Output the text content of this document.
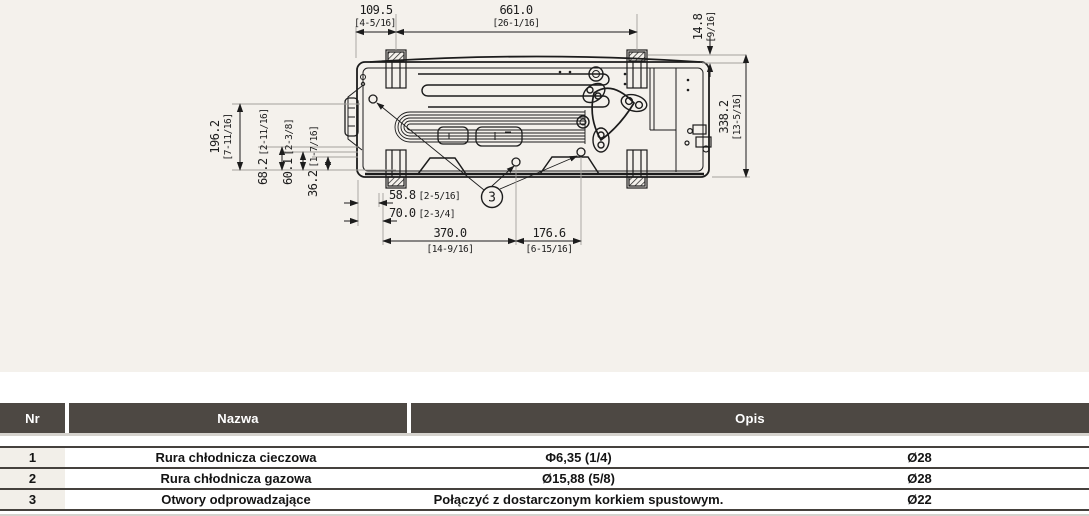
3
109.5
[4-5/16]
661.0
[26-1/16]	14.8 [9/16]
338.2 [13-5/16]
196.2 [7-11/16]
68.2[2-11/16]
60.1[2-3/8]
36.2[1-7/16]
58.8 [2-5/16]
70.0 [2-3/4]
370.0
[14-9/16]
176.6
[6-15/16]
Nr	Nazwa	Opis
1	Rura chłodnicza cieczowa	Φ6,35 (1/4)	Ø28
2	Rura chłodnicza gazowa	Ø15,88 (5/8)	Ø28
3	Otwory odprowadzające	Połączyć z dostarczonym korkiem spustowym.	Ø22
